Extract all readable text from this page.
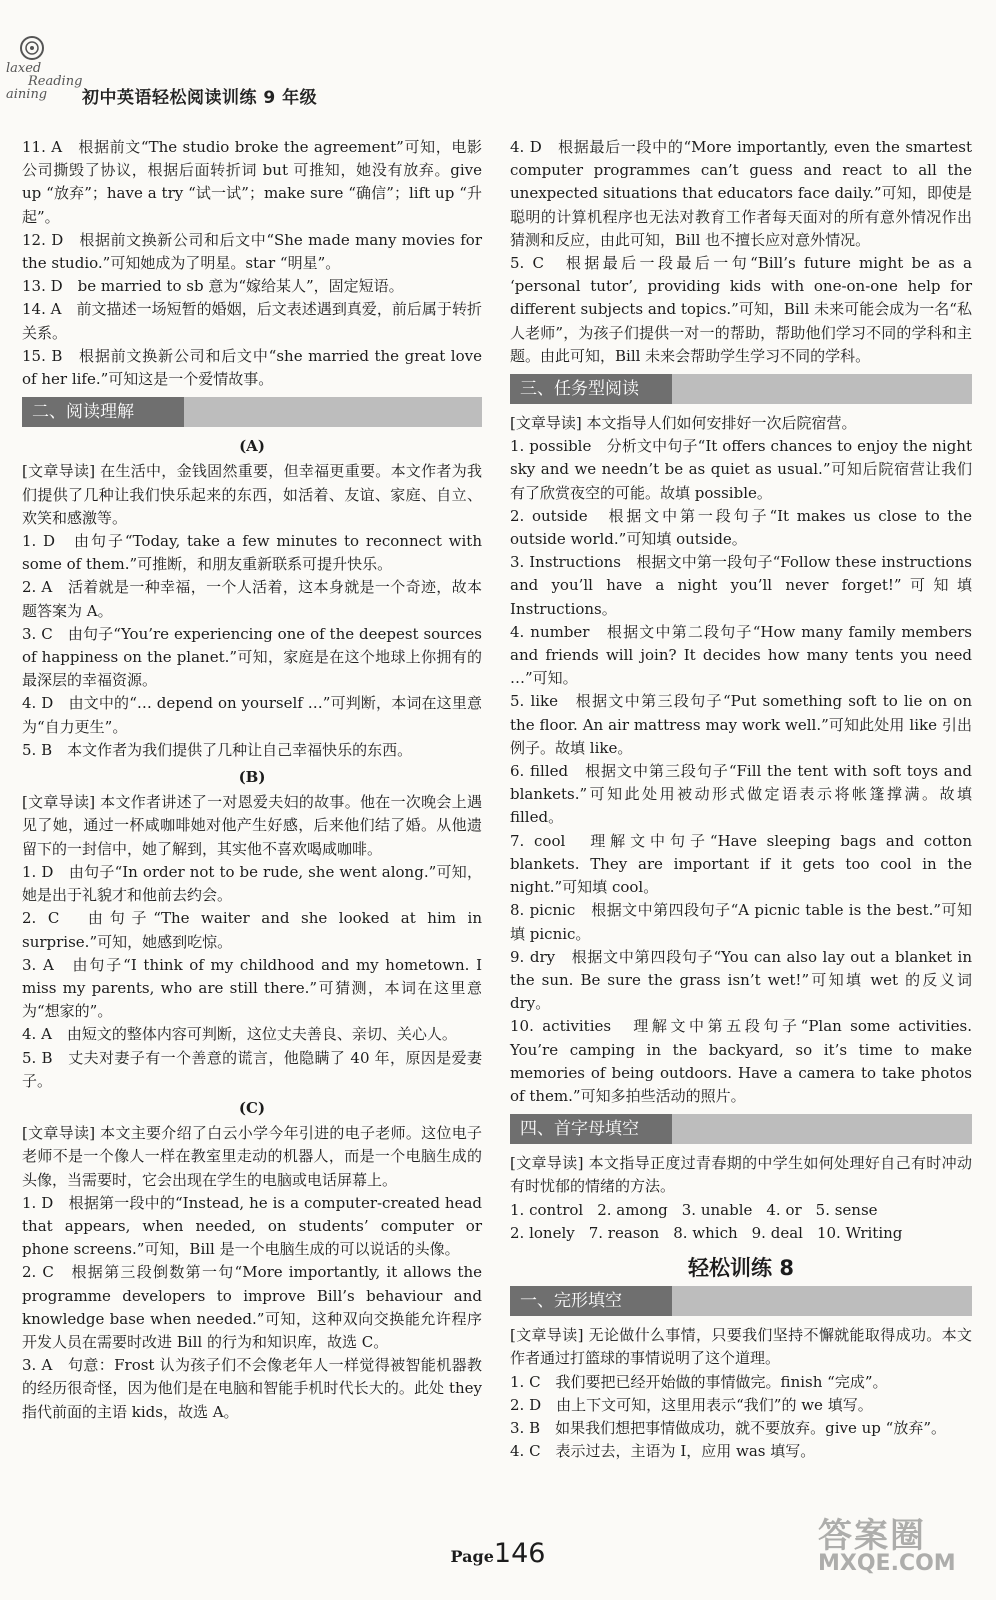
laxed
Reading
aining 初中英语轻松阅读训练 9 年级

11. A　根据前文“The studio broke the agreement”可知，电影公司撕毁了协议，根据后面转折词 but 可推知，她没有放弃。give up “放弃”；have a try “试一试”；make sure “确信”；lift up “升起”。

12. D　根据前文换新公司和后文中“She made many movies for the studio.”可知她成为了明星。star “明星”。

13. D　be married to sb 意为“嫁给某人”，固定短语。

14. A　前文描述一场短暂的婚姻，后文表述遇到真爱，前后属于转折关系。

15. B　根据前文换新公司和后文中“she married the great love of her life.”可知这是一个爱情故事。

二、阅读理解
(A)

[文章导读] 在生活中，金钱固然重要，但幸福更重要。本文作者为我们提供了几种让我们快乐起来的东西，如活着、友谊、家庭、自立、欢笑和感激等。

1. D　由句子“Today, take a few minutes to reconnect with some of them.”可推断，和朋友重新联系可提升快乐。

2. A　活着就是一种幸福，一个人活着，这本身就是一个奇迹，故本题答案为 A。

3. C　由句子“You’re experiencing one of the deepest sources of happiness on the planet.”可知，家庭是在这个地球上你拥有的最深层的幸福资源。

4. D　由文中的“… depend on yourself …”可判断，本词在这里意为“自力更生”。

5. B　本文作者为我们提供了几种让自己幸福快乐的东西。

(B)

[文章导读] 本文作者讲述了一对恩爱夫妇的故事。他在一次晚会上遇见了她，通过一杯咸咖啡她对他产生好感，后来他们结了婚。从他遗留下的一封信中，她了解到，其实他不喜欢喝咸咖啡。

1. D　由句子“In order not to be rude, she went along.”可知，她是出于礼貌才和他前去约会。

2. C　由句子“The waiter and she looked at him in surprise.”可知，她感到吃惊。

3. A　由句子“I think of my childhood and my hometown. I miss my parents, who are still there.”可猜测，本词在这里意为“想家的”。

4. A　由短文的整体内容可判断，这位丈夫善良、亲切、关心人。

5. B　丈夫对妻子有一个善意的谎言，他隐瞒了 40 年，原因是爱妻子。

(C)

[文章导读] 本文主要介绍了白云小学今年引进的电子老师。这位电子老师不是一个像人一样在教室里走动的机器人，而是一个电脑生成的头像，当需要时，它会出现在学生的电脑或电话屏幕上。

1. D　根据第一段中的“Instead, he is a computer-created head that appears, when needed, on students’ computer or phone screens.”可知，Bill 是一个电脑生成的可以说话的头像。

2. C　根据第三段倒数第一句“More importantly, it allows the programme developers to improve Bill’s behaviour and knowledge base when needed.”可知，这种双向交换能允许程序开发人员在需要时改进 Bill 的行为和知识库，故选 C。

3. A　句意：Frost 认为孩子们不会像老年人一样觉得被智能机器教的经历很奇怪，因为他们是在电脑和智能手机时代长大的。此处 they 指代前面的主语 kids，故选 A。

4. D　根据最后一段中的“More importantly, even the smartest computer programmes can’t guess and react to all the unexpected situations that educators face daily.”可知，即使是聪明的计算机程序也无法对教育工作者每天面对的所有意外情况作出猜测和反应，由此可知，Bill 也不擅长应对意外情况。

5. C　根据最后一段最后一句“Bill’s future might be as a ‘personal tutor’, providing kids with one-on-one help for different subjects and topics.”可知，Bill 未来可能会成为一名“私人老师”，为孩子们提供一对一的帮助，帮助他们学习不同的学科和主题。由此可知，Bill 未来会帮助学生学习不同的学科。

三、任务型阅读

[文章导读] 本文指导人们如何安排好一次后院宿营。

1. possible　分析文中句子“It offers chances to enjoy the night sky and we needn’t be as quiet as usual.”可知后院宿营让我们有了欣赏夜空的可能。故填 possible。

2. outside　根据文中第一段句子“It makes us close to the outside world.”可知填 outside。

3. Instructions　根据文中第一段句子“Follow these instructions and you’ll have a night you’ll never forget!”可知填 Instructions。

4. number　根据文中第二段句子“How many family members and friends will join? It decides how many tents you need …”可知。

5. like　根据文中第三段句子“Put something soft to lie on on the floor. An air mattress may work well.”可知此处用 like 引出例子。故填 like。

6. filled　根据文中第三段句子“Fill the tent with soft toys and blankets.”可知此处用被动形式做定语表示将帐篷撑满。故填 filled。

7. cool　理解文中句子“Have sleeping bags and cotton blankets. They are important if it gets too cool in the night.”可知填 cool。

8. picnic　根据文中第四段句子“A picnic table is the best.”可知填 picnic。

9. dry　根据文中第四段句子“You can also lay out a blanket in the sun. Be sure the grass isn’t wet!”可知填 wet 的反义词 dry。

10. activities　理解文中第五段句子“Plan some activities. You’re camping in the backyard, so it’s time to make memories of being outdoors. Have a camera to take photos of them.”可知多拍些活动的照片。

四、首字母填空

[文章导读] 本文指导正度过青春期的中学生如何处理好自己有时冲动有时忧郁的情绪的方法。

1. control 2. among 3. unable 4. or 5. sense
2. lonely 7. reason 8. which 9. deal 10. Writing
轻松训练 8
一、完形填空

[文章导读] 无论做什么事情，只要我们坚持不懈就能取得成功。本文作者通过打篮球的事情说明了这个道理。

1. C　我们要把已经开始做的事情做完。finish “完成”。

2. D　由上下文可知，这里用表示“我们”的 we 填写。

3. B　如果我们想把事情做成功，就不要放弃。give up “放弃”。

4. C　表示过去，主语为 I，应用 was 填写。

Page146	答案圈
MXQE.COM
